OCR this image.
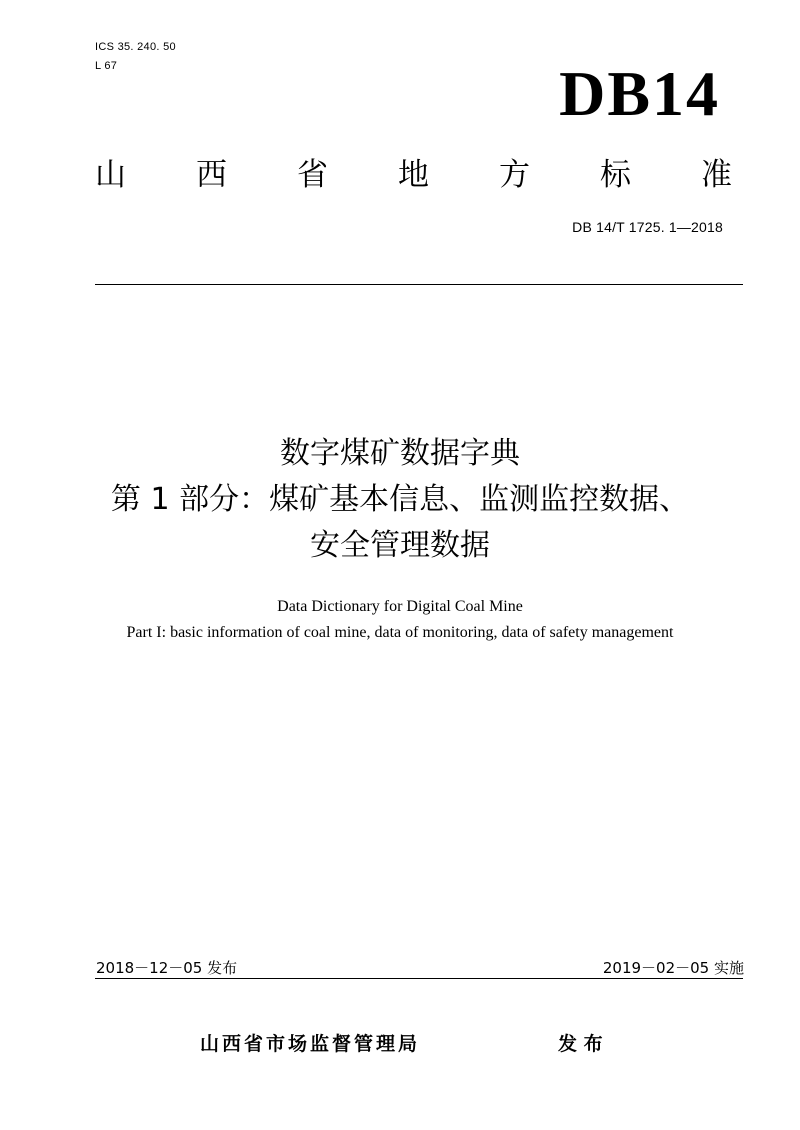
ICS 35. 240. 50
L 67	DB14
山 西 省 地 方 标 准
DB 14/T 1725. 1—2018
数字煤矿数据字典
第 1 部分：煤矿基本信息、监测监控数据、
安全管理数据
Data Dictionary for Digital Coal Mine
Part I: basic information of coal mine, data of monitoring, data of safety management
2018－12－05 发布	2019－02－05 实施
山西省市场监督管理局	发 布
